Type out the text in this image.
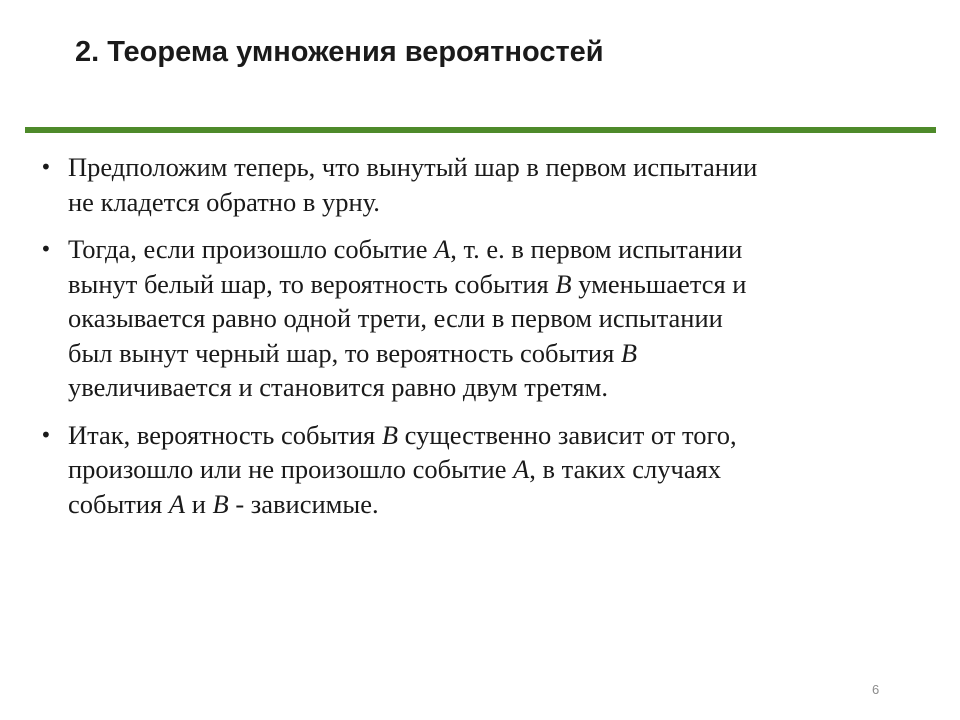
2. Теорема умножения вероятностей
• Предположим теперь, что вынутый шар в первом испытании
не кладется обратно в урну.
• Тогда, если произошло событие A, т. е. в первом испытании
вынут белый шар, то вероятность события B уменьшается и
оказывается равно одной трети, если в первом испытании
был вынут черный шар, то вероятность события B
увеличивается и становится равно двум третям.
• Итак, вероятность события B существенно зависит от того,
произошло или не произошло событие A, в таких случаях
события A и B - зависимые.
6
